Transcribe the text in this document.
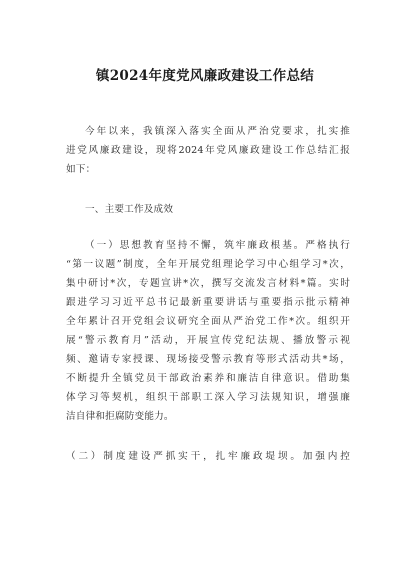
镇2024年度党风廉政建设工作总结
今年以来，我镇深入落实全面从严治党要求，扎实推
进党风廉政建设，现将2024年党风廉政建设工作总结汇报
如下：
一、主要工作及成效
（一）思想教育坚持不懈，筑牢廉政根基。严格执行
“第一议题”制度，全年开展党组理论学习中心组学习*次，
集中研讨*次，专题宣讲*次，撰写交流发言材料*篇。实时
跟进学习习近平总书记最新重要讲话与重要指示批示精神
全年累计召开党组会议研究全面从严治党工作*次。组织开
展“警示教育月”活动，开展宣传党纪法规、播放警示视
频、邀请专家授课、现场接受警示教育等形式活动共*场，
不断提升全镇党员干部政治素养和廉洁自律意识。借助集
体学习等契机，组织干部职工深入学习法规知识，增强廉
洁自律和拒腐防变能力。
（二）制度建设严抓实干，扎牢廉政堤坝。加强内控
